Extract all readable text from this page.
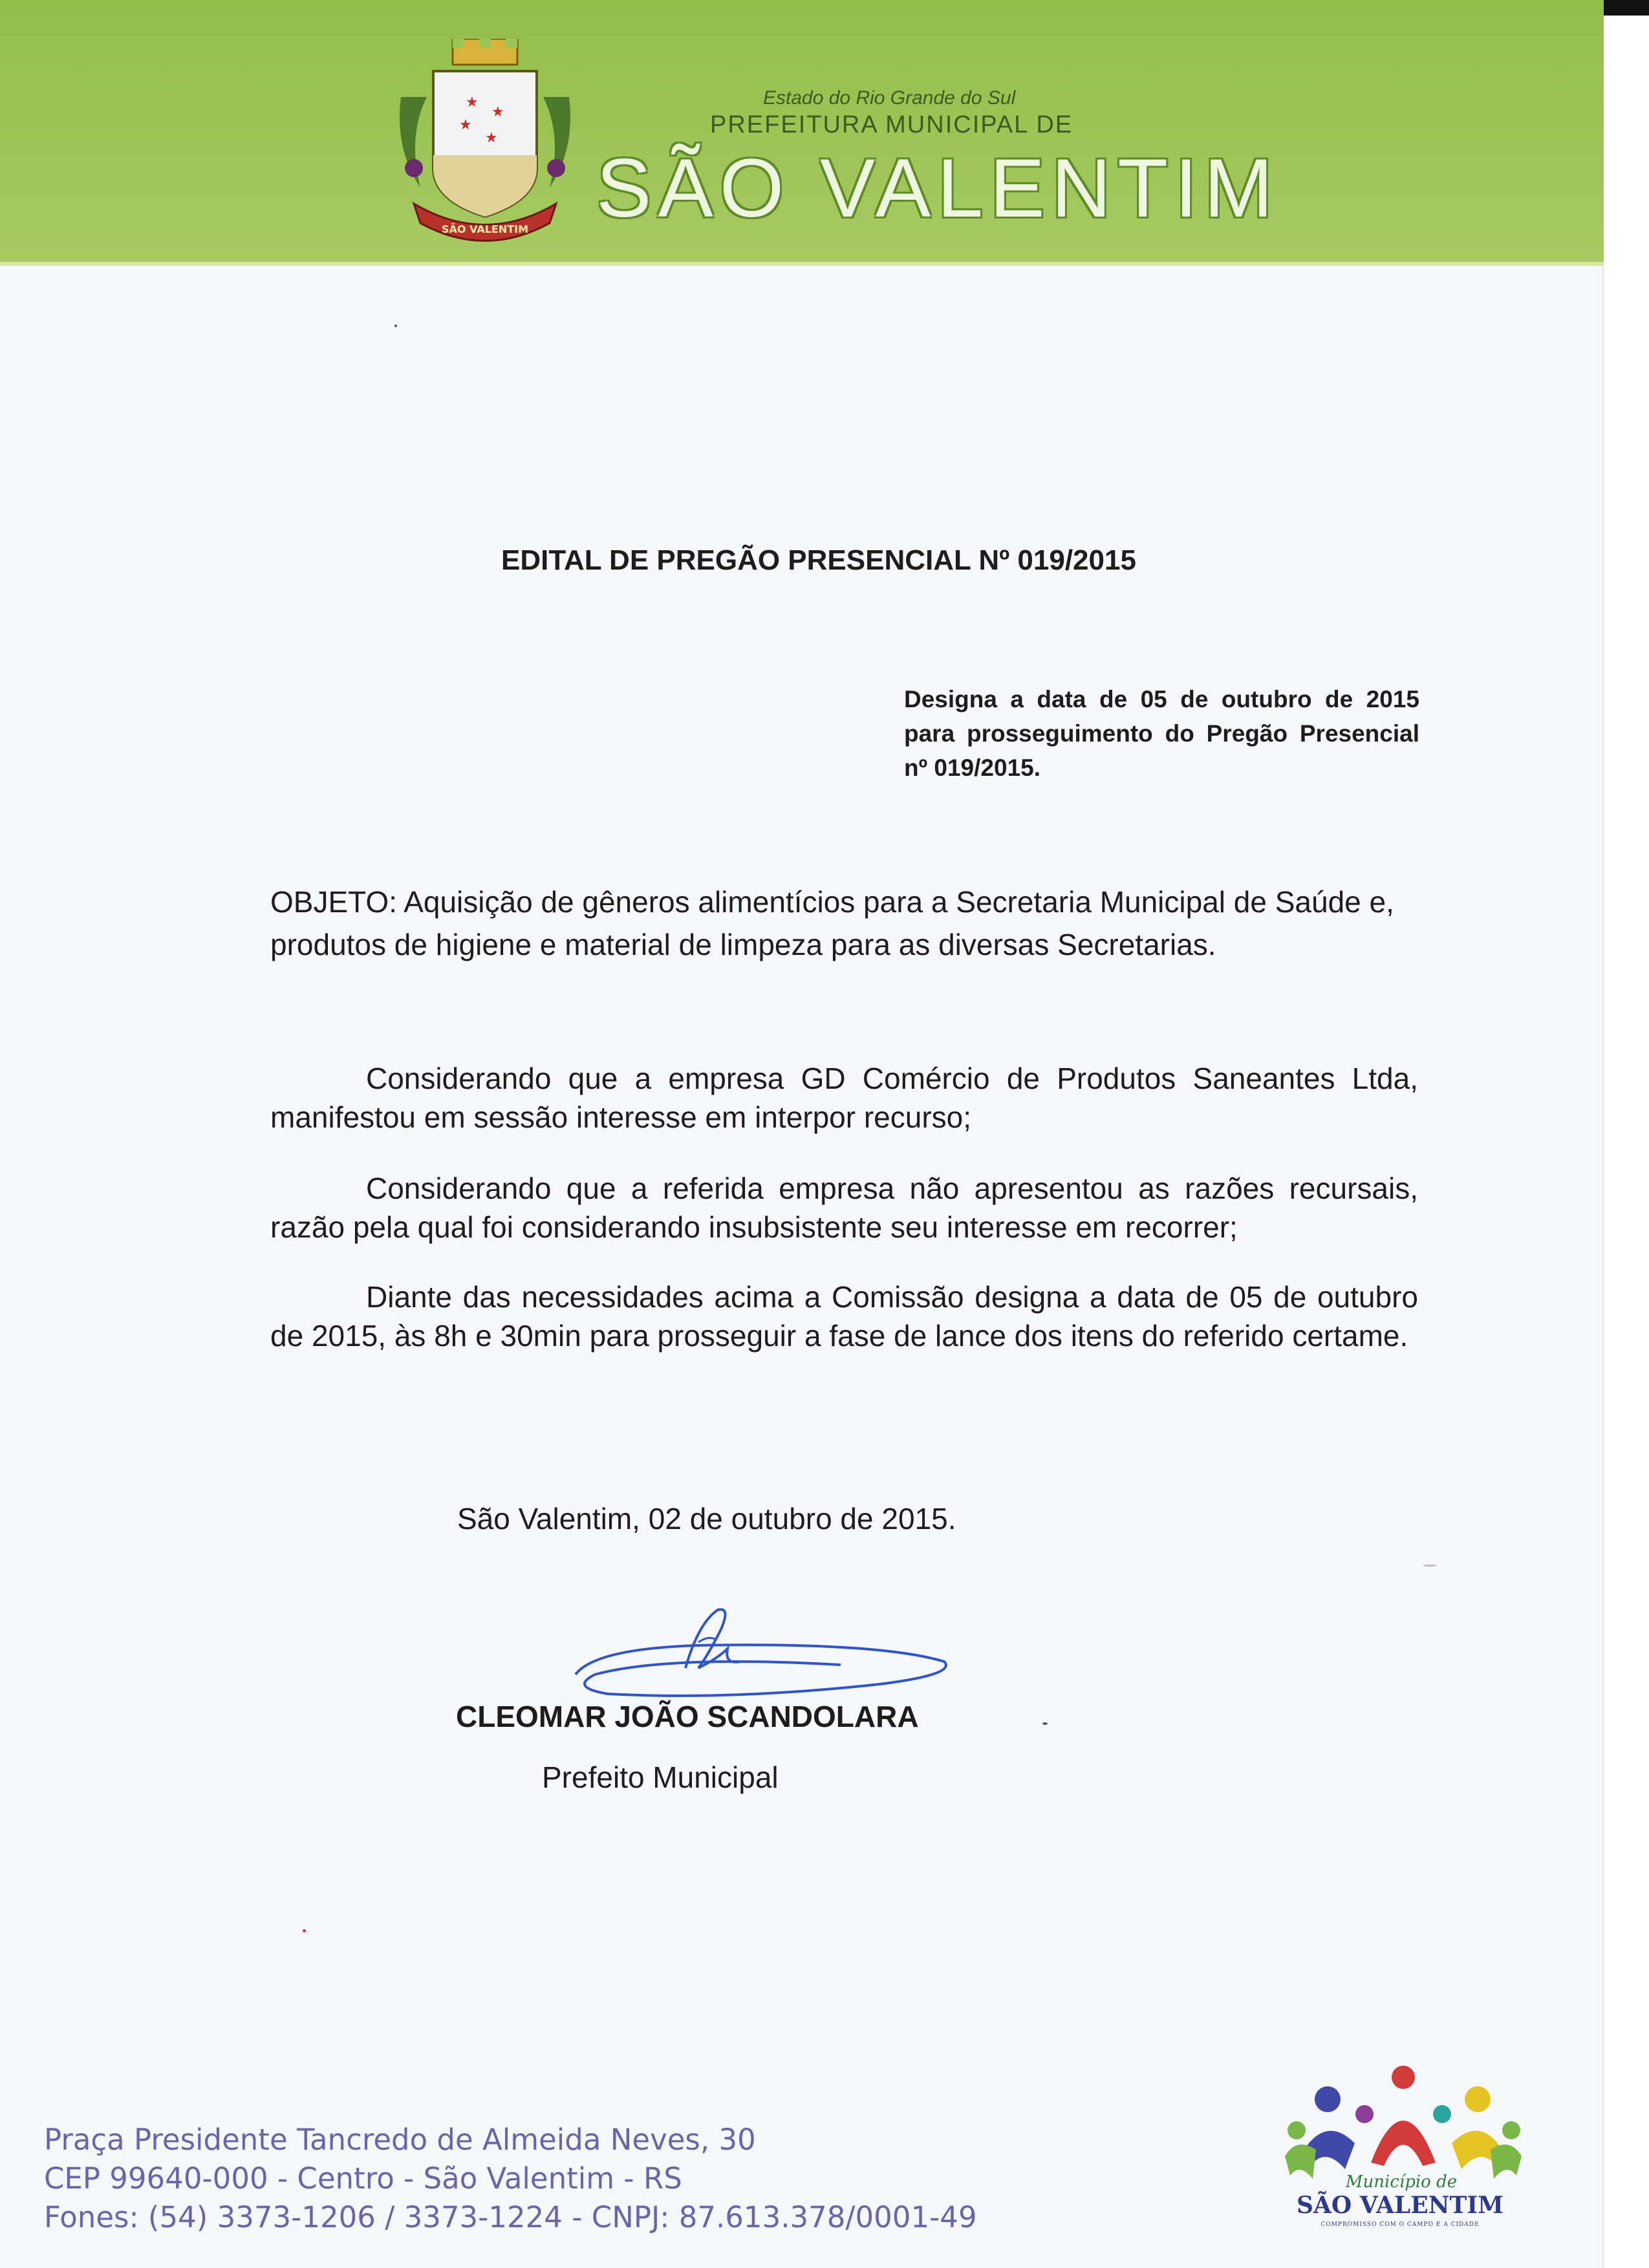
★
★
★
★
SÃO VALENTIM
Estado do Rio Grande do Sul
PREFEITURA MUNICIPAL DE
SÃO VALENTIM
EDITAL DE PREGÃO PRESENCIAL Nº 019/2015

Designa a data de 05 de outubro de 2015 para prosseguimento do Pregão Presencial nº 019/2015.

OBJETO: Aquisição de gêneros alimentícios para a Secretaria Municipal de Saúde e, produtos de higiene e material de limpeza para as diversas Secretarias.

Considerando que a empresa GD Comércio de Produtos Saneantes Ltda, manifestou em sessão interesse em interpor recurso;

Considerando que a referida empresa não apresentou as razões recursais, razão pela qual foi considerando insubsistente seu interesse em recorrer;

Diante das necessidades acima a Comissão designa a data de 05 de outubro de 2015, às 8h e 30min para prosseguir a fase de lance dos itens do referido certame.

São Valentim, 02 de outubro de 2015.

CLEOMAR JOÃO SCANDOLARA

Prefeito Municipal

Praça Presidente Tancredo de Almeida Neves, 30
CEP 99640-000 - Centro - São Valentim - RS
Fones: (54) 3373-1206 / 3373-1224 - CNPJ: 87.613.378/0001-49
Município de
SÃO VALENTIM
COMPROMISSO COM O CAMPO E A CIDADE
